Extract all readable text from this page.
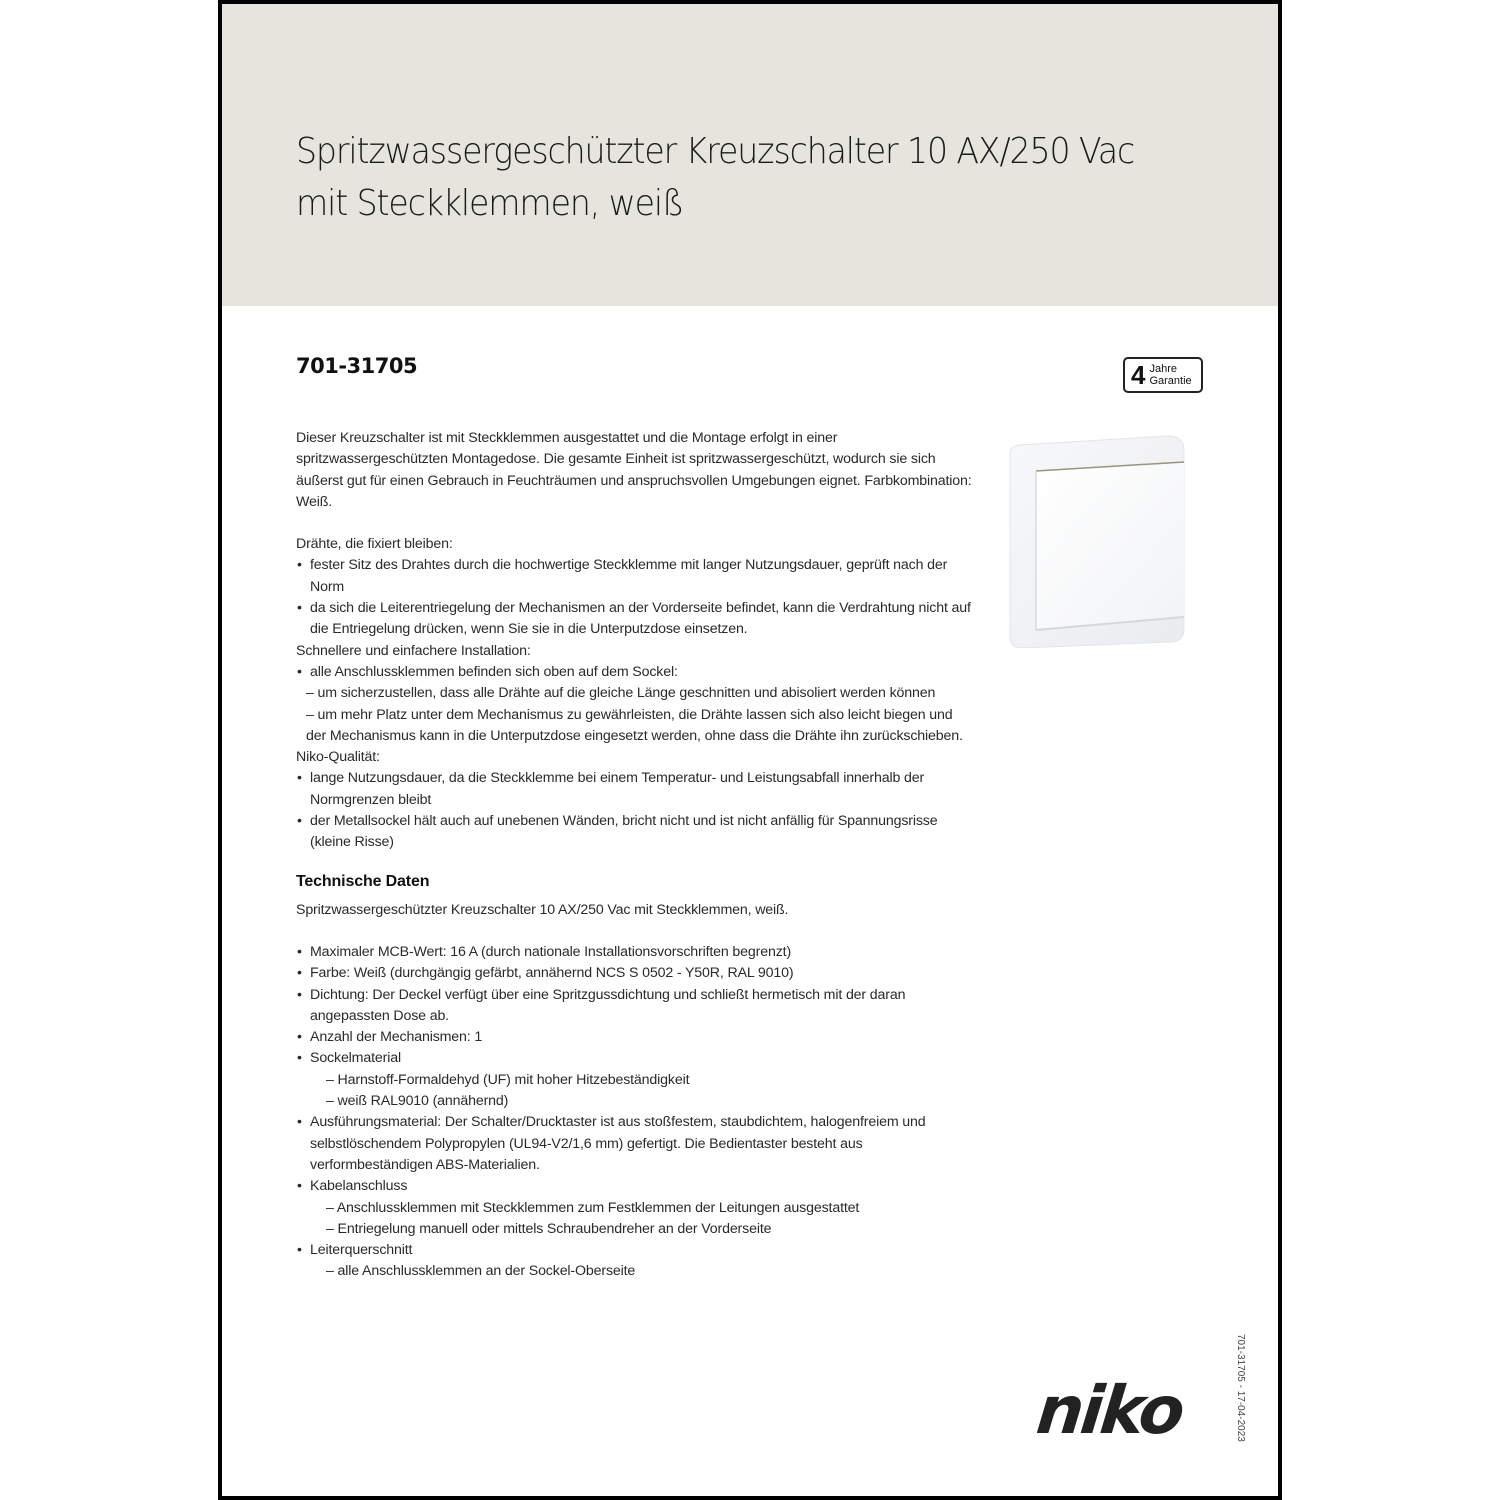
Spritzwassergeschützter Kreuzschalter 10 AX/250 Vac
mit Steckklemmen, weiß
701-31705	4 Jahre
Garantie

Dieser Kreuzschalter ist mit Steckklemmen ausgestattet und die Montage erfolgt in einer spritzwassergeschützten Montagedose. Die gesamte Einheit ist spritzwassergeschützt, wodurch sie sich äußerst gut für einen Gebrauch in Feuchträumen und anspruchsvollen Umgebungen eignet. Farbkombination: Weiß.

Drähte, die fixiert bleiben:

• fester Sitz des Drahtes durch die hochwertige Steckklemme mit langer Nutzungsdauer, geprüft nach der Norm
• da sich die Leiterentriegelung der Mechanismen an der Vorderseite befindet, kann die Verdrahtung nicht auf die Entriegelung drücken, wenn Sie sie in die Unterputzdose einsetzen.

Schnellere und einfachere Installation:

• alle Anschlussklemmen befinden sich oben auf dem Sockel:
– um sicherzustellen, dass alle Drähte auf die gleiche Länge geschnitten und abisoliert werden können
– um mehr Platz unter dem Mechanismus zu gewährleisten, die Drähte lassen sich also leicht biegen und der Mechanismus kann in die Unterputzdose eingesetzt werden, ohne dass die Drähte ihn zurückschieben.

Niko-Qualität:

• lange Nutzungsdauer, da die Steckklemme bei einem Temperatur- und Leistungsabfall innerhalb der Normgrenzen bleibt
• der Metallsockel hält auch auf unebenen Wänden, bricht nicht und ist nicht anfällig für Spannungsrisse (kleine Risse)
Technische Daten

Spritzwassergeschützter Kreuzschalter 10 AX/250 Vac mit Steckklemmen, weiß.

• Maximaler MCB-Wert: 16 A (durch nationale Installationsvorschriften begrenzt)
• Farbe: Weiß (durchgängig gefärbt, annähernd NCS S 0502 - Y50R, RAL 9010)
• Dichtung: Der Deckel verfügt über eine Spritzgussdichtung und schließt hermetisch mit der daran angepassten Dose ab.
• Anzahl der Mechanismen: 1
• Sockelmaterial
– Harnstoff-Formaldehyd (UF) mit hoher Hitzebeständigkeit
– weiß RAL9010 (annähernd)
• Ausführungsmaterial: Der Schalter/Drucktaster ist aus stoßfestem, staubdichtem, halogenfreiem und selbstlöschendem Polypropylen (UL94-V2/1,6 mm) gefertigt. Die Bedientaster besteht aus verformbeständigen ABS-Materialien.
• Kabelanschluss
– Anschlussklemmen mit Steckklemmen zum Festklemmen der Leitungen ausgestattet
– Entriegelung manuell oder mittels Schraubendreher an der Vorderseite
• Leiterquerschnitt
– alle Anschlussklemmen an der Sockel-Oberseite
niko	701-31705 - 17-04-2023
